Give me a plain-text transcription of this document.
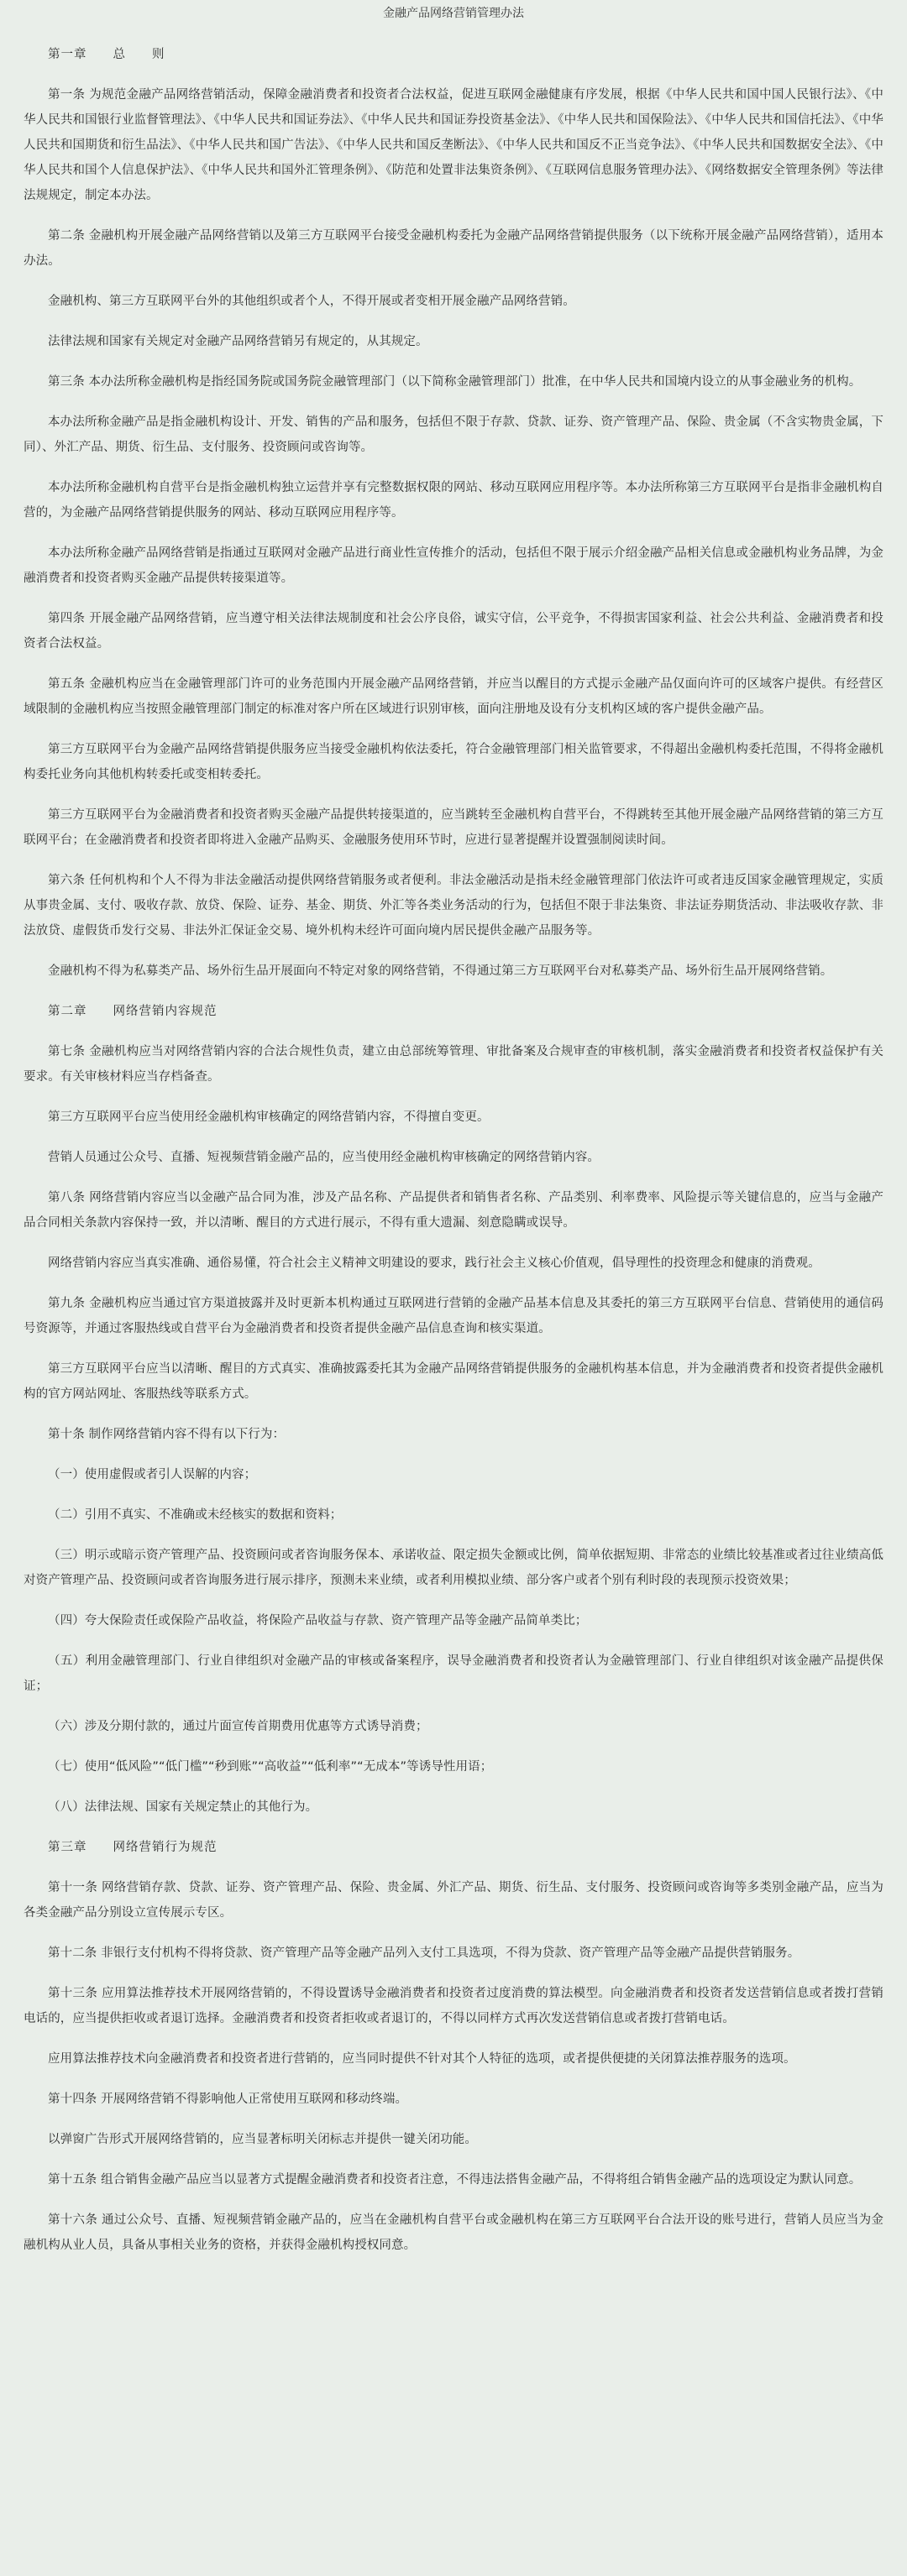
金融产品网络营销管理办法

第一章　　总　　则

第一条 为规范金融产品网络营销活动，保障金融消费者和投资者合法权益，促进互联网金融健康有序发展，根据《中华人民共和国中国人民银行法》、《中华人民共和国银行业监督管理法》、《中华人民共和国证券法》、《中华人民共和国证券投资基金法》、《中华人民共和国保险法》、《中华人民共和国信托法》、《中华人民共和国期货和衍生品法》、《中华人民共和国广告法》、《中华人民共和国反垄断法》、《中华人民共和国反不正当竞争法》、《中华人民共和国数据安全法》、《中华人民共和国个人信息保护法》、《中华人民共和国外汇管理条例》、《防范和处置非法集资条例》、《互联网信息服务管理办法》、《网络数据安全管理条例》等法律法规规定，制定本办法。

第二条 金融机构开展金融产品网络营销以及第三方互联网平台接受金融机构委托为金融产品网络营销提供服务（以下统称开展金融产品网络营销），适用本办法。

金融机构、第三方互联网平台外的其他组织或者个人，不得开展或者变相开展金融产品网络营销。

法律法规和国家有关规定对金融产品网络营销另有规定的，从其规定。

第三条 本办法所称金融机构是指经国务院或国务院金融管理部门（以下简称金融管理部门）批准，在中华人民共和国境内设立的从事金融业务的机构。

本办法所称金融产品是指金融机构设计、开发、销售的产品和服务，包括但不限于存款、贷款、证券、资产管理产品、保险、贵金属（不含实物贵金属，下同）、外汇产品、期货、衍生品、支付服务、投资顾问或咨询等。

本办法所称金融机构自营平台是指金融机构独立运营并享有完整数据权限的网站、移动互联网应用程序等。本办法所称第三方互联网平台是指非金融机构自营的，为金融产品网络营销提供服务的网站、移动互联网应用程序等。

本办法所称金融产品网络营销是指通过互联网对金融产品进行商业性宣传推介的活动，包括但不限于展示介绍金融产品相关信息或金融机构业务品牌，为金融消费者和投资者购买金融产品提供转接渠道等。

第四条 开展金融产品网络营销，应当遵守相关法律法规制度和社会公序良俗，诚实守信，公平竞争，不得损害国家利益、社会公共利益、金融消费者和投资者合法权益。

第五条 金融机构应当在金融管理部门许可的业务范围内开展金融产品网络营销，并应当以醒目的方式提示金融产品仅面向许可的区域客户提供。有经营区域限制的金融机构应当按照金融管理部门制定的标准对客户所在区域进行识别审核，面向注册地及设有分支机构区域的客户提供金融产品。

第三方互联网平台为金融产品网络营销提供服务应当接受金融机构依法委托，符合金融管理部门相关监管要求，不得超出金融机构委托范围，不得将金融机构委托业务向其他机构转委托或变相转委托。

第三方互联网平台为金融消费者和投资者购买金融产品提供转接渠道的，应当跳转至金融机构自营平台，不得跳转至其他开展金融产品网络营销的第三方互联网平台；在金融消费者和投资者即将进入金融产品购买、金融服务使用环节时，应进行显著提醒并设置强制阅读时间。

第六条 任何机构和个人不得为非法金融活动提供网络营销服务或者便利。非法金融活动是指未经金融管理部门依法许可或者违反国家金融管理规定，实质从事贵金属、支付、吸收存款、放贷、保险、证券、基金、期货、外汇等各类业务活动的行为，包括但不限于非法集资、非法证券期货活动、非法吸收存款、非法放贷、虚假货币发行交易、非法外汇保证金交易、境外机构未经许可面向境内居民提供金融产品服务等。

金融机构不得为私募类产品、场外衍生品开展面向不特定对象的网络营销，不得通过第三方互联网平台对私募类产品、场外衍生品开展网络营销。

第二章　　网络营销内容规范

第七条 金融机构应当对网络营销内容的合法合规性负责，建立由总部统筹管理、审批备案及合规审查的审核机制，落实金融消费者和投资者权益保护有关要求。有关审核材料应当存档备查。

第三方互联网平台应当使用经金融机构审核确定的网络营销内容，不得擅自变更。

营销人员通过公众号、直播、短视频营销金融产品的，应当使用经金融机构审核确定的网络营销内容。

第八条 网络营销内容应当以金融产品合同为准，涉及产品名称、产品提供者和销售者名称、产品类别、利率费率、风险提示等关键信息的，应当与金融产品合同相关条款内容保持一致，并以清晰、醒目的方式进行展示，不得有重大遗漏、刻意隐瞒或误导。

网络营销内容应当真实准确、通俗易懂，符合社会主义精神文明建设的要求，践行社会主义核心价值观，倡导理性的投资理念和健康的消费观。

第九条 金融机构应当通过官方渠道披露并及时更新本机构通过互联网进行营销的金融产品基本信息及其委托的第三方互联网平台信息、营销使用的通信码号资源等，并通过客服热线或自营平台为金融消费者和投资者提供金融产品信息查询和核实渠道。

第三方互联网平台应当以清晰、醒目的方式真实、准确披露委托其为金融产品网络营销提供服务的金融机构基本信息，并为金融消费者和投资者提供金融机构的官方网站网址、客服热线等联系方式。

第十条 制作网络营销内容不得有以下行为：

（一）使用虚假或者引人误解的内容；

（二）引用不真实、不准确或未经核实的数据和资料；

（三）明示或暗示资产管理产品、投资顾问或者咨询服务保本、承诺收益、限定损失金额或比例，简单依据短期、非常态的业绩比较基准或者过往业绩高低对资产管理产品、投资顾问或者咨询服务进行展示排序，预测未来业绩，或者利用模拟业绩、部分客户或者个别有利时段的表现预示投资效果；

（四）夸大保险责任或保险产品收益，将保险产品收益与存款、资产管理产品等金融产品简单类比；

（五）利用金融管理部门、行业自律组织对金融产品的审核或备案程序，误导金融消费者和投资者认为金融管理部门、行业自律组织对该金融产品提供保证；

（六）涉及分期付款的，通过片面宣传首期费用优惠等方式诱导消费；

（七）使用“低风险”“低门槛”“秒到账”“高收益”“低利率”“无成本”等诱导性用语；

（八）法律法规、国家有关规定禁止的其他行为。

第三章　　网络营销行为规范

第十一条 网络营销存款、贷款、证券、资产管理产品、保险、贵金属、外汇产品、期货、衍生品、支付服务、投资顾问或咨询等多类别金融产品，应当为各类金融产品分别设立宣传展示专区。

第十二条 非银行支付机构不得将贷款、资产管理产品等金融产品列入支付工具选项，不得为贷款、资产管理产品等金融产品提供营销服务。

第十三条 应用算法推荐技术开展网络营销的，不得设置诱导金融消费者和投资者过度消费的算法模型。向金融消费者和投资者发送营销信息或者拨打营销电话的，应当提供拒收或者退订选择。金融消费者和投资者拒收或者退订的，不得以同样方式再次发送营销信息或者拨打营销电话。

应用算法推荐技术向金融消费者和投资者进行营销的，应当同时提供不针对其个人特征的选项，或者提供便捷的关闭算法推荐服务的选项。

第十四条 开展网络营销不得影响他人正常使用互联网和移动终端。

以弹窗广告形式开展网络营销的，应当显著标明关闭标志并提供一键关闭功能。

第十五条 组合销售金融产品应当以显著方式提醒金融消费者和投资者注意，不得违法搭售金融产品，不得将组合销售金融产品的选项设定为默认同意。

第十六条 通过公众号、直播、短视频营销金融产品的，应当在金融机构自营平台或金融机构在第三方互联网平台合法开设的账号进行，营销人员应当为金融机构从业人员，具备从事相关业务的资格，并获得金融机构授权同意。
